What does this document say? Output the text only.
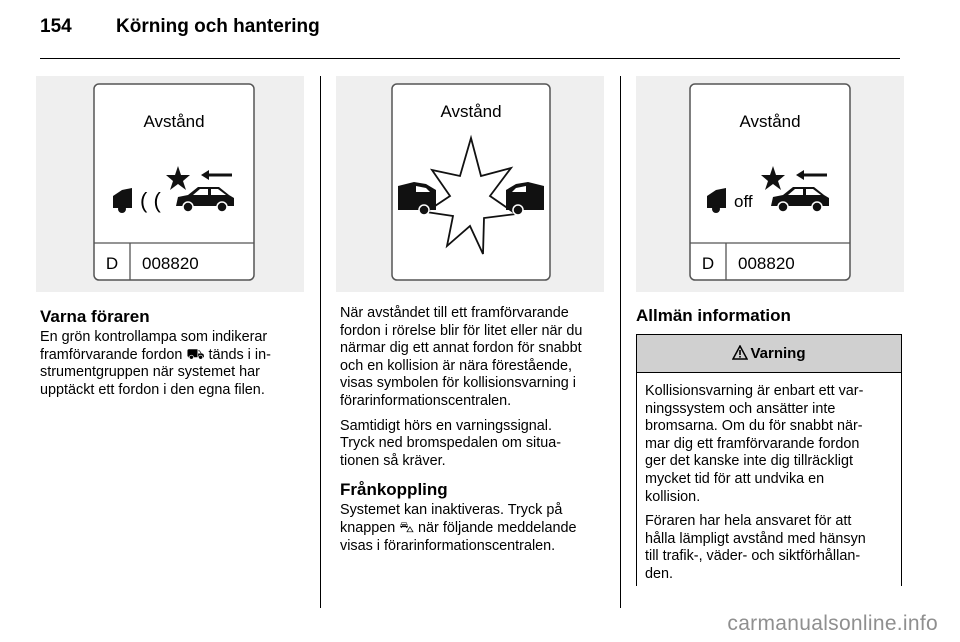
154 Körning och hantering
Avstånd
( (
D 008820
Avstånd
Avstånd
off
D 008820
Varna föraren

En grön kontrollampa som indikerar
framförvarande fordon ⛟ tänds i in-
strumentgruppen när systemet har
upptäckt ett fordon i den egna filen.

När avståndet till ett framförvarande
fordon i rörelse blir för litet eller när du
närmar dig ett annat fordon för snabbt
och en kollision är nära förestående,
visas symbolen för kollisionsvarning i
förarinformationscentralen.

Samtidigt hörs en varningssignal.
Tryck ned bromspedalen om situa-
tionen så kräver.

Frånkoppling

Systemet kan inaktiveras. Tryck på
knappen ⛍ när följande meddelande
visas i förarinformationscentralen.

Allmän information
Varning

Kollisionsvarning är enbart ett var-
ningssystem och ansätter inte
bromsarna. Om du för snabbt när-
mar dig ett framförvarande fordon
ger det kanske inte dig tillräckligt
mycket tid för att undvika en
kollision.

Föraren har hela ansvaret för att
hålla lämpligt avstånd med hänsyn
till trafik-, väder- och siktförhållan-
den.

carmanualsonline.info
